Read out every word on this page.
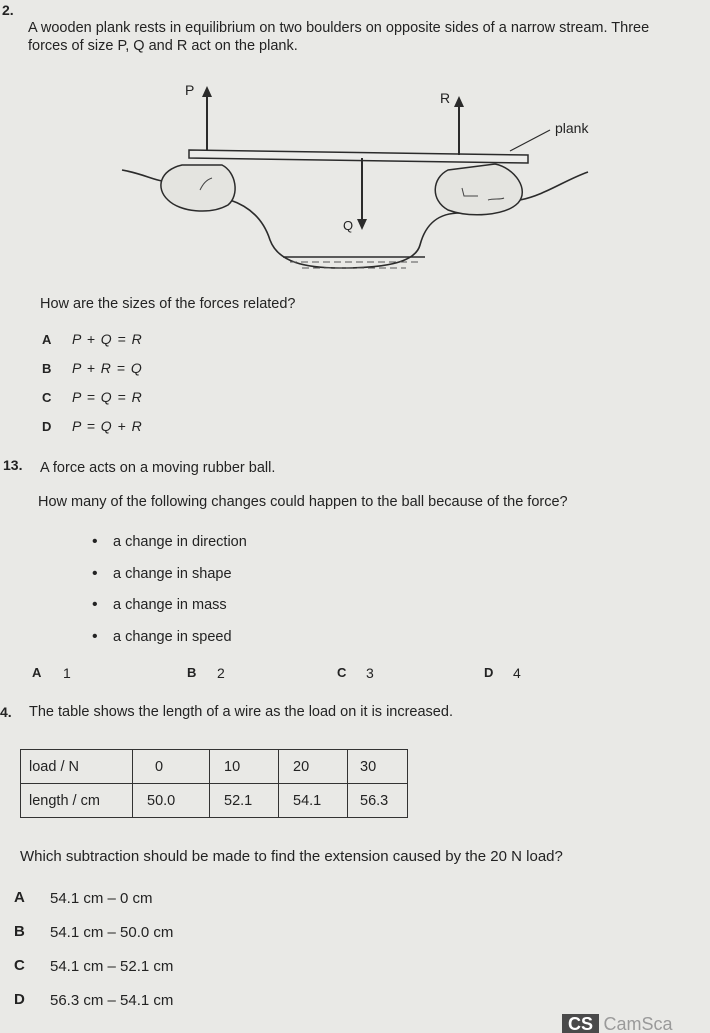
2.
A wooden plank rests in equilibrium on two boulders on opposite sides of a narrow stream. Three
forces of size P, Q and R act on the plank.
P	R
Q
plank
How are the sizes of the forces related?
A P + Q = R
B P + R = Q
C P = Q = R
D P = Q + R
13. A force acts on a moving rubber ball.
How many of the following changes could happen to the ball because of the force?
• a change in direction
• a change in shape
• a change in mass
• a change in speed
A 1	B 2	C 3	D 4
4. The table shows the length of a wire as the load on it is increased.
load / N	0	10	20	30
length / cm	50.0	52.1	54.1	56.3
Which subtraction should be made to find the extension caused by the 20 N load?
A 54.1 cm – 0 cm
B 54.1 cm – 50.0 cm
C 54.1 cm – 52.1 cm
D 56.3 cm – 54.1 cm
CS CamSca
